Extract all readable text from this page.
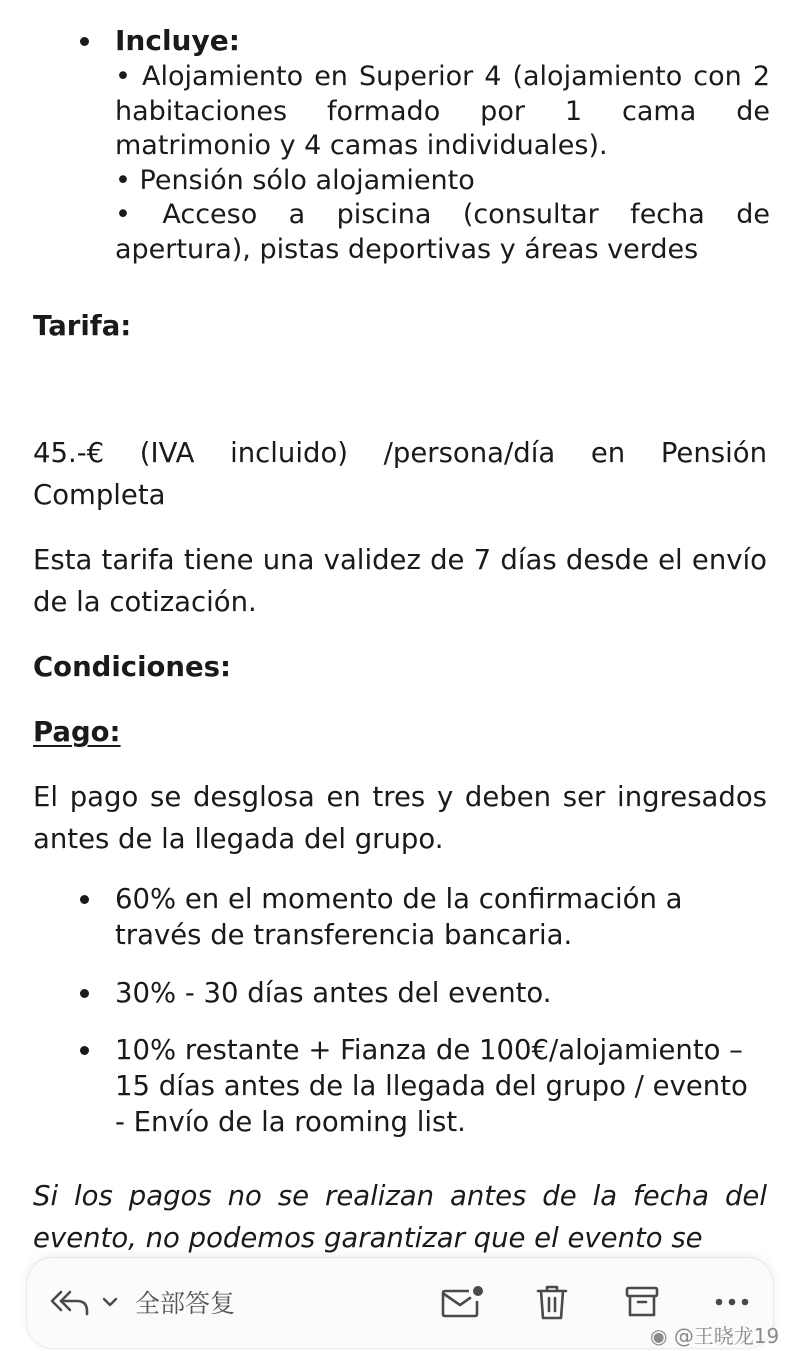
Incluye:
• Alojamiento en Superior 4 (alojamiento con 2 habitaciones formado por 1 cama de matrimonio y 4 camas individuales).
• Pensión sólo alojamiento
• Acceso a piscina (consultar fecha de apertura), pistas deportivas y áreas verdes
Tarifa:
45.-€ (IVA incluido) /persona/día en Pensión Completa
Esta tarifa tiene una validez de 7 días desde el envío de la cotización.
Condiciones:
Pago:
El pago se desglosa en tres y deben ser ingresados antes de la llegada del grupo.
60% en el momento de la confirmación a través de transferencia bancaria.
30% - 30 días antes del evento.
10% restante + Fianza de 100€/alojamiento – 15 días antes de la llegada del grupo / evento - Envío de la rooming list.
Si los pagos no se realizan antes de la fecha del evento, no podemos garantizar que el evento se
全部答复
◉ @王晓龙19
